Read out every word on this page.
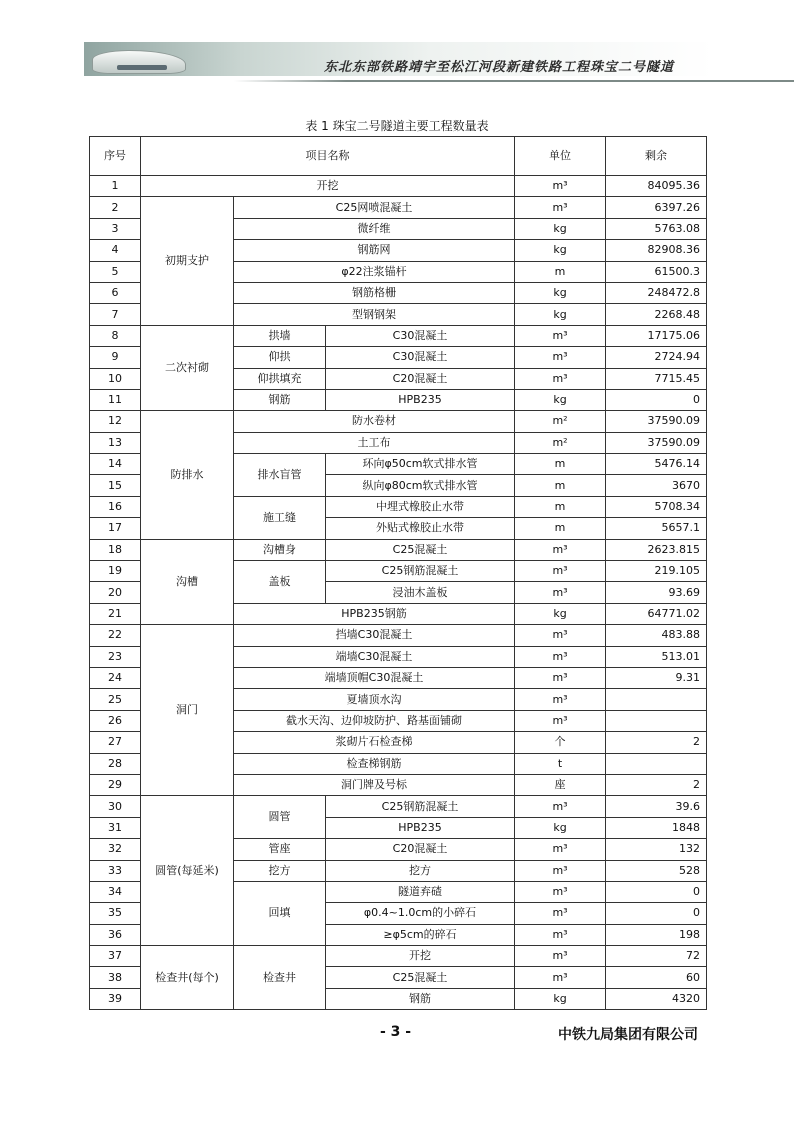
东北东部铁路靖宇至松江河段新建铁路工程珠宝二号隧道
表 1 珠宝二号隧道主要工程数量表
序号	项目名称			单位	剩余
1	开挖			m³	84095.36
2	初期支护	C25网喷混凝土		m³	6397.26
3		微纤维		kg	5763.08
4		钢筋网		kg	82908.36
5		φ22注浆锚杆		m	61500.3
6		钢筋格栅		kg	248472.8
7		型钢钢架		kg	2268.48
8	二次衬砌	拱墙	C30混凝土	m³	17175.06
9		仰拱	C30混凝土	m³	2724.94
10		仰拱填充	C20混凝土	m³	7715.45
11		钢筋	HPB235	kg	0
12	防排水	防水卷材		m²	37590.09
13		土工布		m²	37590.09
14		排水盲管	环向φ50cm软式排水管	m	5476.14
15			纵向φ80cm软式排水管	m	3670
16		施工缝	中埋式橡胶止水带	m	5708.34
17			外贴式橡胶止水带	m	5657.1
18	沟槽	沟槽身	C25混凝土	m³	2623.815
19		盖板	C25钢筋混凝土	m³	219.105
20			浸油木盖板	m³	93.69
21		HPB235钢筋		kg	64771.02
22	洞门	挡墙C30混凝土		m³	483.88
23		端墙C30混凝土		m³	513.01
24		端墙顶帽C30混凝土		m³	9.31
25		夏墙顶水沟		m³	
26		截水天沟、边仰坡防护、路基面铺砌		m³	
27		浆砌片石检查梯		个	2
28		检查梯钢筋		t	
29		洞门牌及号标		座	2
30	圆管(每延米)	圆管	C25钢筋混凝土	m³	39.6
31			HPB235	kg	1848
32		管座	C20混凝土	m³	132
33		挖方	挖方	m³	528
34		回填	隧道弃碴	m³	0
35			φ0.4~1.0cm的小碎石	m³	0
36			≥φ5cm的碎石	m³	198
37	检查井(每个)	检查井	开挖	m³	72
38			C25混凝土	m³	60
39			钢筋	kg	4320
- 3 -	中铁九局集团有限公司
